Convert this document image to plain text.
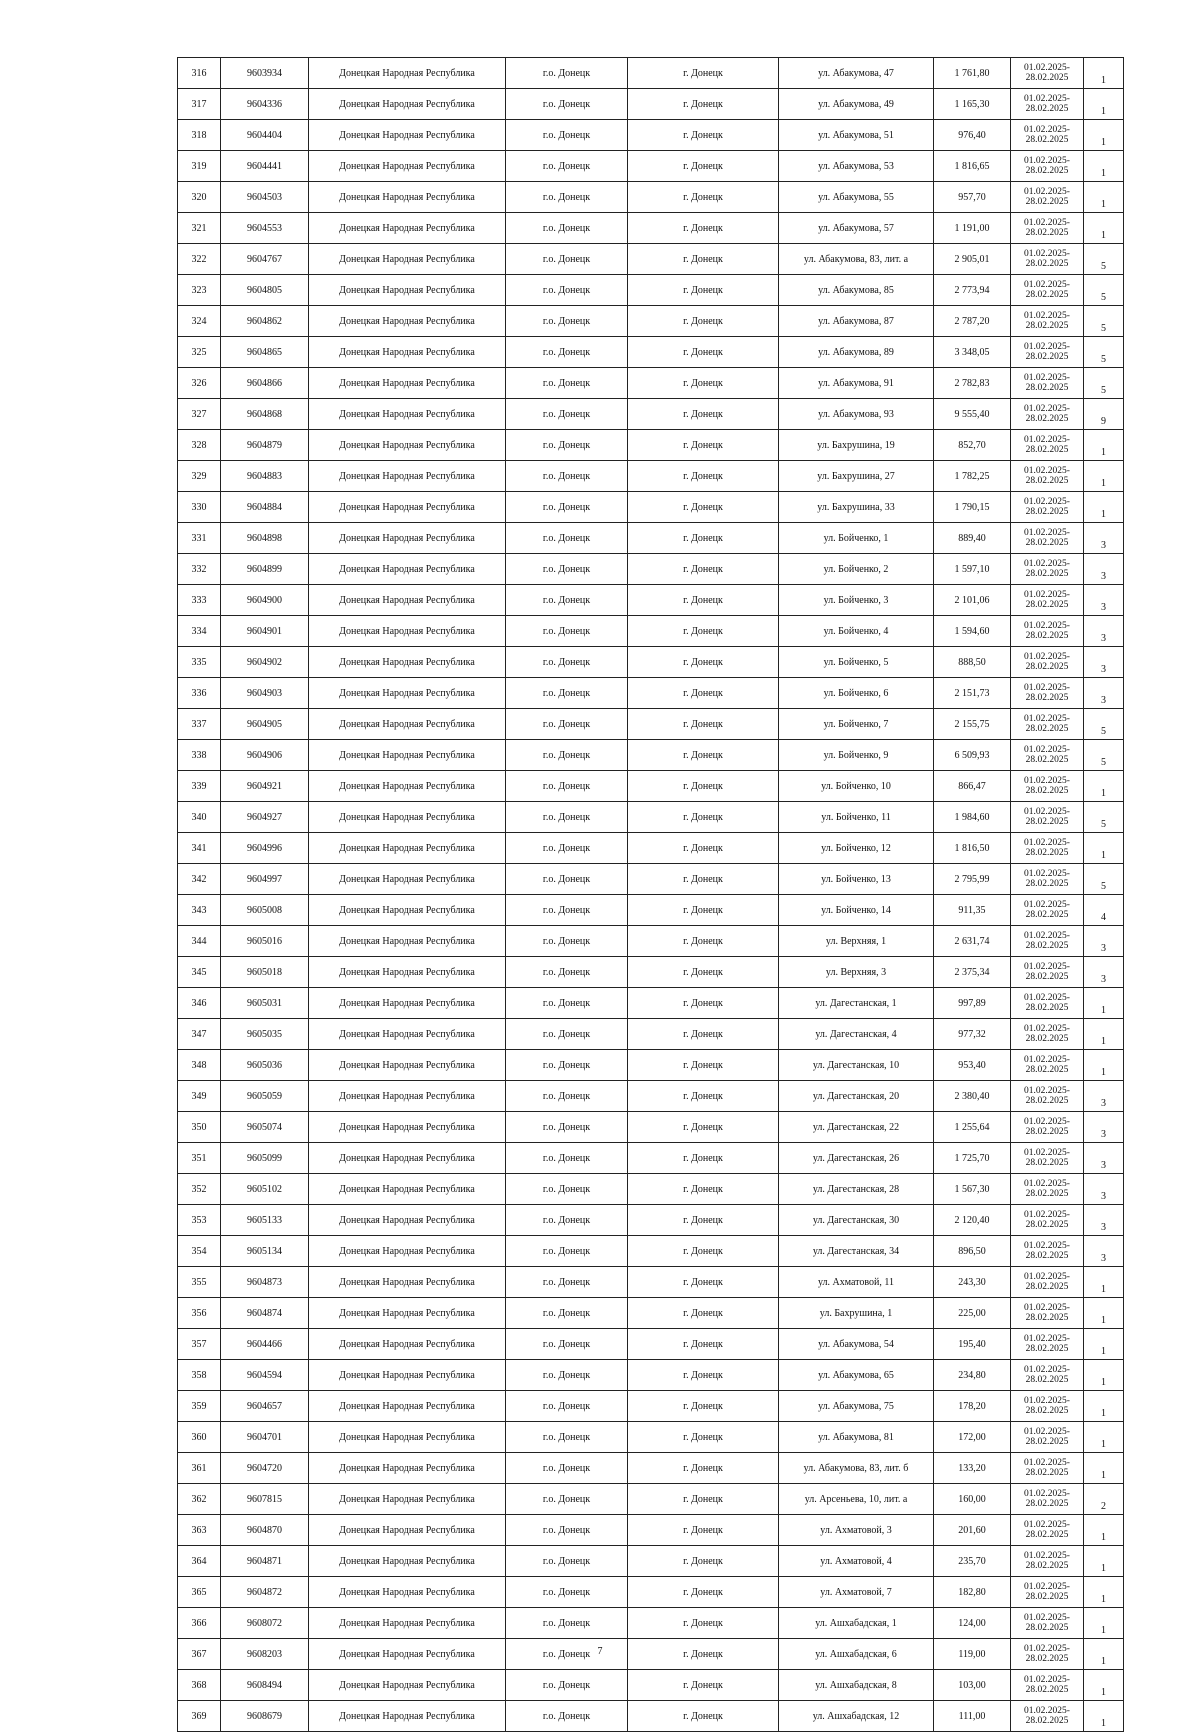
316	9603934	Донецкая Народная Республика	г.о. Донецк	г. Донецк	ул. Абакумова, 47	1 761,80	01.02.2025-28.02.2025	1
317	9604336	Донецкая Народная Республика	г.о. Донецк	г. Донецк	ул. Абакумова, 49	1 165,30	01.02.2025-28.02.2025	1
318	9604404	Донецкая Народная Республика	г.о. Донецк	г. Донецк	ул. Абакумова, 51	976,40	01.02.2025-28.02.2025	1
319	9604441	Донецкая Народная Республика	г.о. Донецк	г. Донецк	ул. Абакумова, 53	1 816,65	01.02.2025-28.02.2025	1
320	9604503	Донецкая Народная Республика	г.о. Донецк	г. Донецк	ул. Абакумова, 55	957,70	01.02.2025-28.02.2025	1
321	9604553	Донецкая Народная Республика	г.о. Донецк	г. Донецк	ул. Абакумова, 57	1 191,00	01.02.2025-28.02.2025	1
322	9604767	Донецкая Народная Республика	г.о. Донецк	г. Донецк	ул. Абакумова, 83, лит. а	2 905,01	01.02.2025-28.02.2025	5
323	9604805	Донецкая Народная Республика	г.о. Донецк	г. Донецк	ул. Абакумова, 85	2 773,94	01.02.2025-28.02.2025	5
324	9604862	Донецкая Народная Республика	г.о. Донецк	г. Донецк	ул. Абакумова, 87	2 787,20	01.02.2025-28.02.2025	5
325	9604865	Донецкая Народная Республика	г.о. Донецк	г. Донецк	ул. Абакумова, 89	3 348,05	01.02.2025-28.02.2025	5
326	9604866	Донецкая Народная Республика	г.о. Донецк	г. Донецк	ул. Абакумова, 91	2 782,83	01.02.2025-28.02.2025	5
327	9604868	Донецкая Народная Республика	г.о. Донецк	г. Донецк	ул. Абакумова, 93	9 555,40	01.02.2025-28.02.2025	9
328	9604879	Донецкая Народная Республика	г.о. Донецк	г. Донецк	ул. Бахрушина, 19	852,70	01.02.2025-28.02.2025	1
329	9604883	Донецкая Народная Республика	г.о. Донецк	г. Донецк	ул. Бахрушина, 27	1 782,25	01.02.2025-28.02.2025	1
330	9604884	Донецкая Народная Республика	г.о. Донецк	г. Донецк	ул. Бахрушина, 33	1 790,15	01.02.2025-28.02.2025	1
331	9604898	Донецкая Народная Республика	г.о. Донецк	г. Донецк	ул. Бойченко, 1	889,40	01.02.2025-28.02.2025	3
332	9604899	Донецкая Народная Республика	г.о. Донецк	г. Донецк	ул. Бойченко, 2	1 597,10	01.02.2025-28.02.2025	3
333	9604900	Донецкая Народная Республика	г.о. Донецк	г. Донецк	ул. Бойченко, 3	2 101,06	01.02.2025-28.02.2025	3
334	9604901	Донецкая Народная Республика	г.о. Донецк	г. Донецк	ул. Бойченко, 4	1 594,60	01.02.2025-28.02.2025	3
335	9604902	Донецкая Народная Республика	г.о. Донецк	г. Донецк	ул. Бойченко, 5	888,50	01.02.2025-28.02.2025	3
336	9604903	Донецкая Народная Республика	г.о. Донецк	г. Донецк	ул. Бойченко, 6	2 151,73	01.02.2025-28.02.2025	3
337	9604905	Донецкая Народная Республика	г.о. Донецк	г. Донецк	ул. Бойченко, 7	2 155,75	01.02.2025-28.02.2025	5
338	9604906	Донецкая Народная Республика	г.о. Донецк	г. Донецк	ул. Бойченко, 9	6 509,93	01.02.2025-28.02.2025	5
339	9604921	Донецкая Народная Республика	г.о. Донецк	г. Донецк	ул. Бойченко, 10	866,47	01.02.2025-28.02.2025	1
340	9604927	Донецкая Народная Республика	г.о. Донецк	г. Донецк	ул. Бойченко, 11	1 984,60	01.02.2025-28.02.2025	5
341	9604996	Донецкая Народная Республика	г.о. Донецк	г. Донецк	ул. Бойченко, 12	1 816,50	01.02.2025-28.02.2025	1
342	9604997	Донецкая Народная Республика	г.о. Донецк	г. Донецк	ул. Бойченко, 13	2 795,99	01.02.2025-28.02.2025	5
343	9605008	Донецкая Народная Республика	г.о. Донецк	г. Донецк	ул. Бойченко, 14	911,35	01.02.2025-28.02.2025	4
344	9605016	Донецкая Народная Республика	г.о. Донецк	г. Донецк	ул. Верхняя, 1	2 631,74	01.02.2025-28.02.2025	3
345	9605018	Донецкая Народная Республика	г.о. Донецк	г. Донецк	ул. Верхняя, 3	2 375,34	01.02.2025-28.02.2025	3
346	9605031	Донецкая Народная Республика	г.о. Донецк	г. Донецк	ул. Дагестанская, 1	997,89	01.02.2025-28.02.2025	1
347	9605035	Донецкая Народная Республика	г.о. Донецк	г. Донецк	ул. Дагестанская, 4	977,32	01.02.2025-28.02.2025	1
348	9605036	Донецкая Народная Республика	г.о. Донецк	г. Донецк	ул. Дагестанская, 10	953,40	01.02.2025-28.02.2025	1
349	9605059	Донецкая Народная Республика	г.о. Донецк	г. Донецк	ул. Дагестанская, 20	2 380,40	01.02.2025-28.02.2025	3
350	9605074	Донецкая Народная Республика	г.о. Донецк	г. Донецк	ул. Дагестанская, 22	1 255,64	01.02.2025-28.02.2025	3
351	9605099	Донецкая Народная Республика	г.о. Донецк	г. Донецк	ул. Дагестанская, 26	1 725,70	01.02.2025-28.02.2025	3
352	9605102	Донецкая Народная Республика	г.о. Донецк	г. Донецк	ул. Дагестанская, 28	1 567,30	01.02.2025-28.02.2025	3
353	9605133	Донецкая Народная Республика	г.о. Донецк	г. Донецк	ул. Дагестанская, 30	2 120,40	01.02.2025-28.02.2025	3
354	9605134	Донецкая Народная Республика	г.о. Донецк	г. Донецк	ул. Дагестанская, 34	896,50	01.02.2025-28.02.2025	3
355	9604873	Донецкая Народная Республика	г.о. Донецк	г. Донецк	ул. Ахматовой, 11	243,30	01.02.2025-28.02.2025	1
356	9604874	Донецкая Народная Республика	г.о. Донецк	г. Донецк	ул. Бахрушина, 1	225,00	01.02.2025-28.02.2025	1
357	9604466	Донецкая Народная Республика	г.о. Донецк	г. Донецк	ул. Абакумова, 54	195,40	01.02.2025-28.02.2025	1
358	9604594	Донецкая Народная Республика	г.о. Донецк	г. Донецк	ул. Абакумова, 65	234,80	01.02.2025-28.02.2025	1
359	9604657	Донецкая Народная Республика	г.о. Донецк	г. Донецк	ул. Абакумова, 75	178,20	01.02.2025-28.02.2025	1
360	9604701	Донецкая Народная Республика	г.о. Донецк	г. Донецк	ул. Абакумова, 81	172,00	01.02.2025-28.02.2025	1
361	9604720	Донецкая Народная Республика	г.о. Донецк	г. Донецк	ул. Абакумова, 83, лит. б	133,20	01.02.2025-28.02.2025	1
362	9607815	Донецкая Народная Республика	г.о. Донецк	г. Донецк	ул. Арсеньева, 10, лит. а	160,00	01.02.2025-28.02.2025	2
363	9604870	Донецкая Народная Республика	г.о. Донецк	г. Донецк	ул. Ахматовой, 3	201,60	01.02.2025-28.02.2025	1
364	9604871	Донецкая Народная Республика	г.о. Донецк	г. Донецк	ул. Ахматовой, 4	235,70	01.02.2025-28.02.2025	1
365	9604872	Донецкая Народная Республика	г.о. Донецк	г. Донецк	ул. Ахматовой, 7	182,80	01.02.2025-28.02.2025	1
366	9608072	Донецкая Народная Республика	г.о. Донецк	г. Донецк	ул. Ашхабадская, 1	124,00	01.02.2025-28.02.2025	1
367	9608203	Донецкая Народная Республика	г.о. Донецк	г. Донецк	ул. Ашхабадская, 6	119,00	01.02.2025-28.02.2025	1
368	9608494	Донецкая Народная Республика	г.о. Донецк	г. Донецк	ул. Ашхабадская, 8	103,00	01.02.2025-28.02.2025	1
369	9608679	Донецкая Народная Республика	г.о. Донецк	г. Донецк	ул. Ашхабадская, 12	111,00	01.02.2025-28.02.2025	1
7
